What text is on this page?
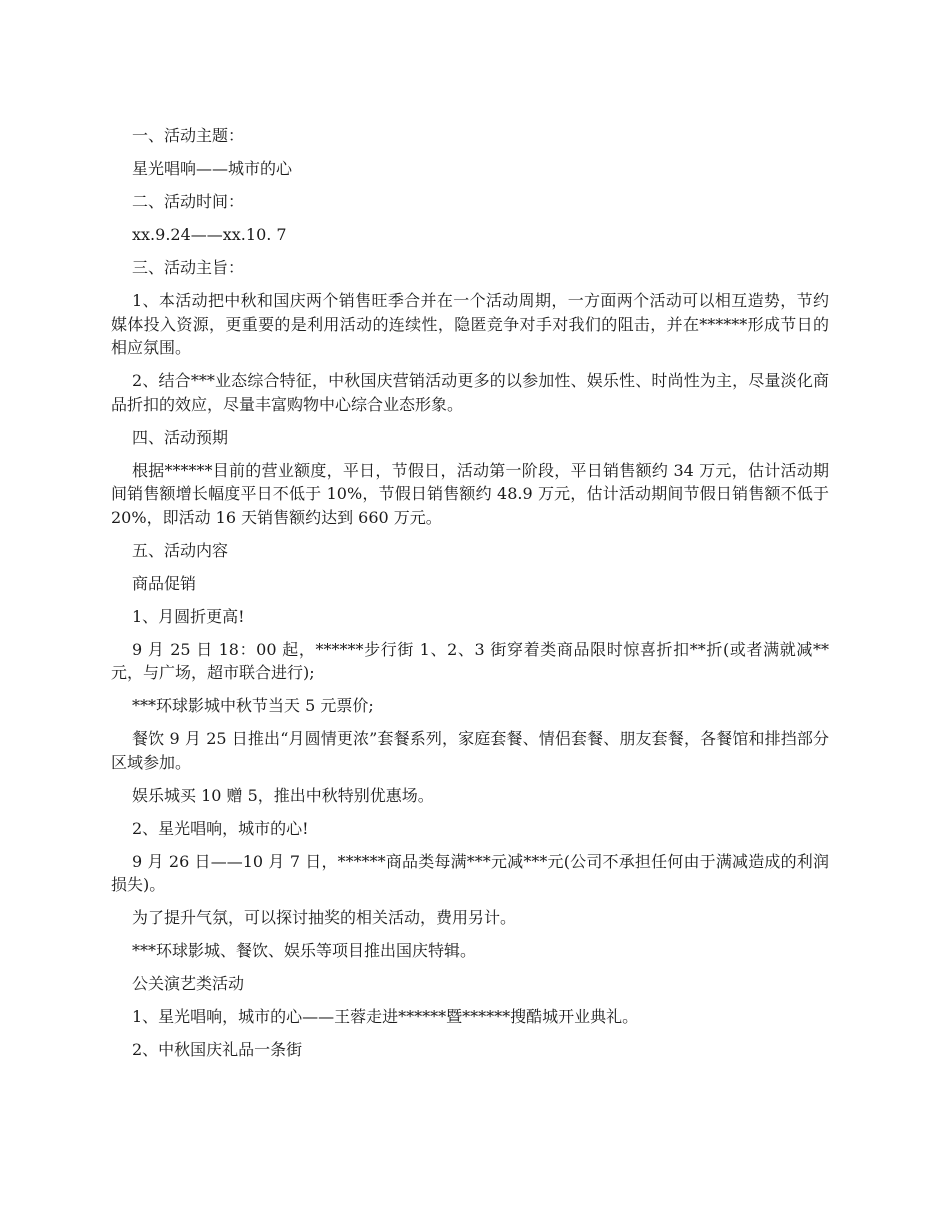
一、活动主题：

星光唱响——城市的心

二、活动时间：

xx.9.24——xx.10. 7

三、活动主旨：

1、本活动把中秋和国庆两个销售旺季合并在一个活动周期，一方面两个活动可以相互造势，节约媒体投入资源，更重要的是利用活动的连续性，隐匿竞争对手对我们的阻击，并在******形成节日的相应氛围。

2、结合***业态综合特征，中秋国庆营销活动更多的以参加性、娱乐性、时尚性为主，尽量淡化商品折扣的效应，尽量丰富购物中心综合业态形象。

四、活动预期

根据******目前的营业额度，平日，节假日，活动第一阶段，平日销售额约 34 万元，估计活动期间销售额增长幅度平日不低于 10%，节假日销售额约 48.9 万元，估计活动期间节假日销售额不低于 20%，即活动 16 天销售额约达到 660 万元。

五、活动内容

商品促销

1、月圆折更高!

9 月 25 日 18：00 起，******步行街 1、2、3 街穿着类商品限时惊喜折扣**折(或者满就减**元，与广场，超市联合进行);

***环球影城中秋节当天 5 元票价;

餐饮 9 月 25 日推出“月圆情更浓”套餐系列，家庭套餐、情侣套餐、朋友套餐，各餐馆和排挡部分区域参加。

娱乐城买 10 赠 5，推出中秋特别优惠场。

2、星光唱响，城市的心!

9 月 26 日——10 月 7 日，******商品类每满***元减***元(公司不承担任何由于满减造成的利润损失)。

为了提升气氛，可以探讨抽奖的相关活动，费用另计。

***环球影城、餐饮、娱乐等项目推出国庆特辑。

公关演艺类活动

1、星光唱响，城市的心——王蓉走进******暨******搜酷城开业典礼。

2、中秋国庆礼品一条街
